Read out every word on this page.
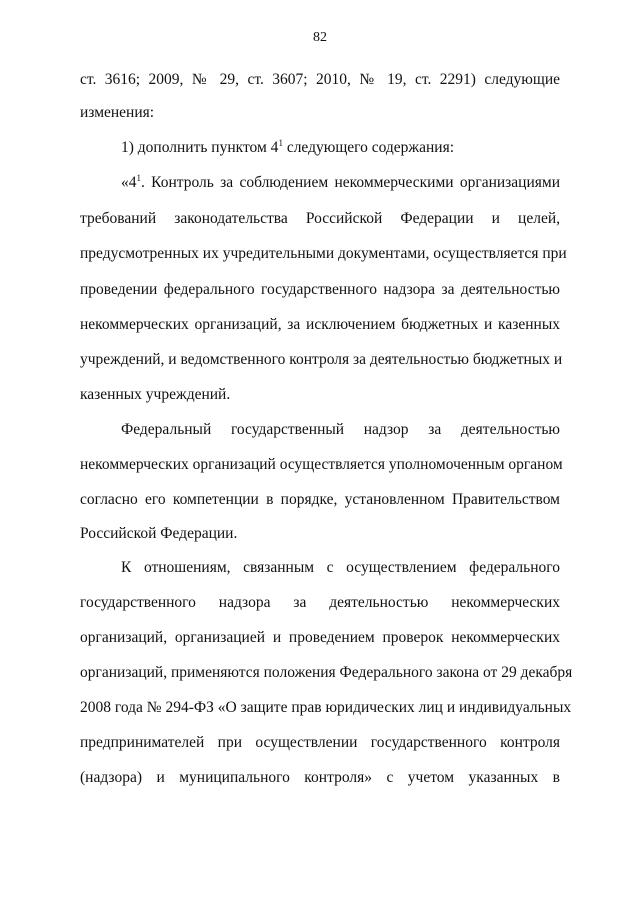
82
ст. 3616; 2009, № 29, ст. 3607; 2010, № 19, ст. 2291) следующие
изменения:
1) дополнить пунктом $4^1$ следующего содержания:
«$4^1$. Контроль за соблюдением некоммерческими организациями
требований законодательства Российской Федерации и целей,
предусмотренных их учредительными документами, осуществляется при
проведении федерального государственного надзора за деятельностью
некоммерческих организаций, за исключением бюджетных и казенных
учреждений, и ведомственного контроля за деятельностью бюджетных и
казенных учреждений.
Федеральный государственный надзор за деятельностью
некоммерческих организаций осуществляется уполномоченным органом
согласно его компетенции в порядке, установленном Правительством
Российской Федерации.
К отношениям, связанным с осуществлением федерального
государственного надзора за деятельностью некоммерческих
организаций, организацией и проведением проверок некоммерческих
организаций, применяются положения Федерального закона от 29 декабря
2008 года № 294-ФЗ «О защите прав юридических лиц и индивидуальных
предпринимателей при осуществлении государственного контроля
(надзора) и муниципального контроля» с учетом указанных в
